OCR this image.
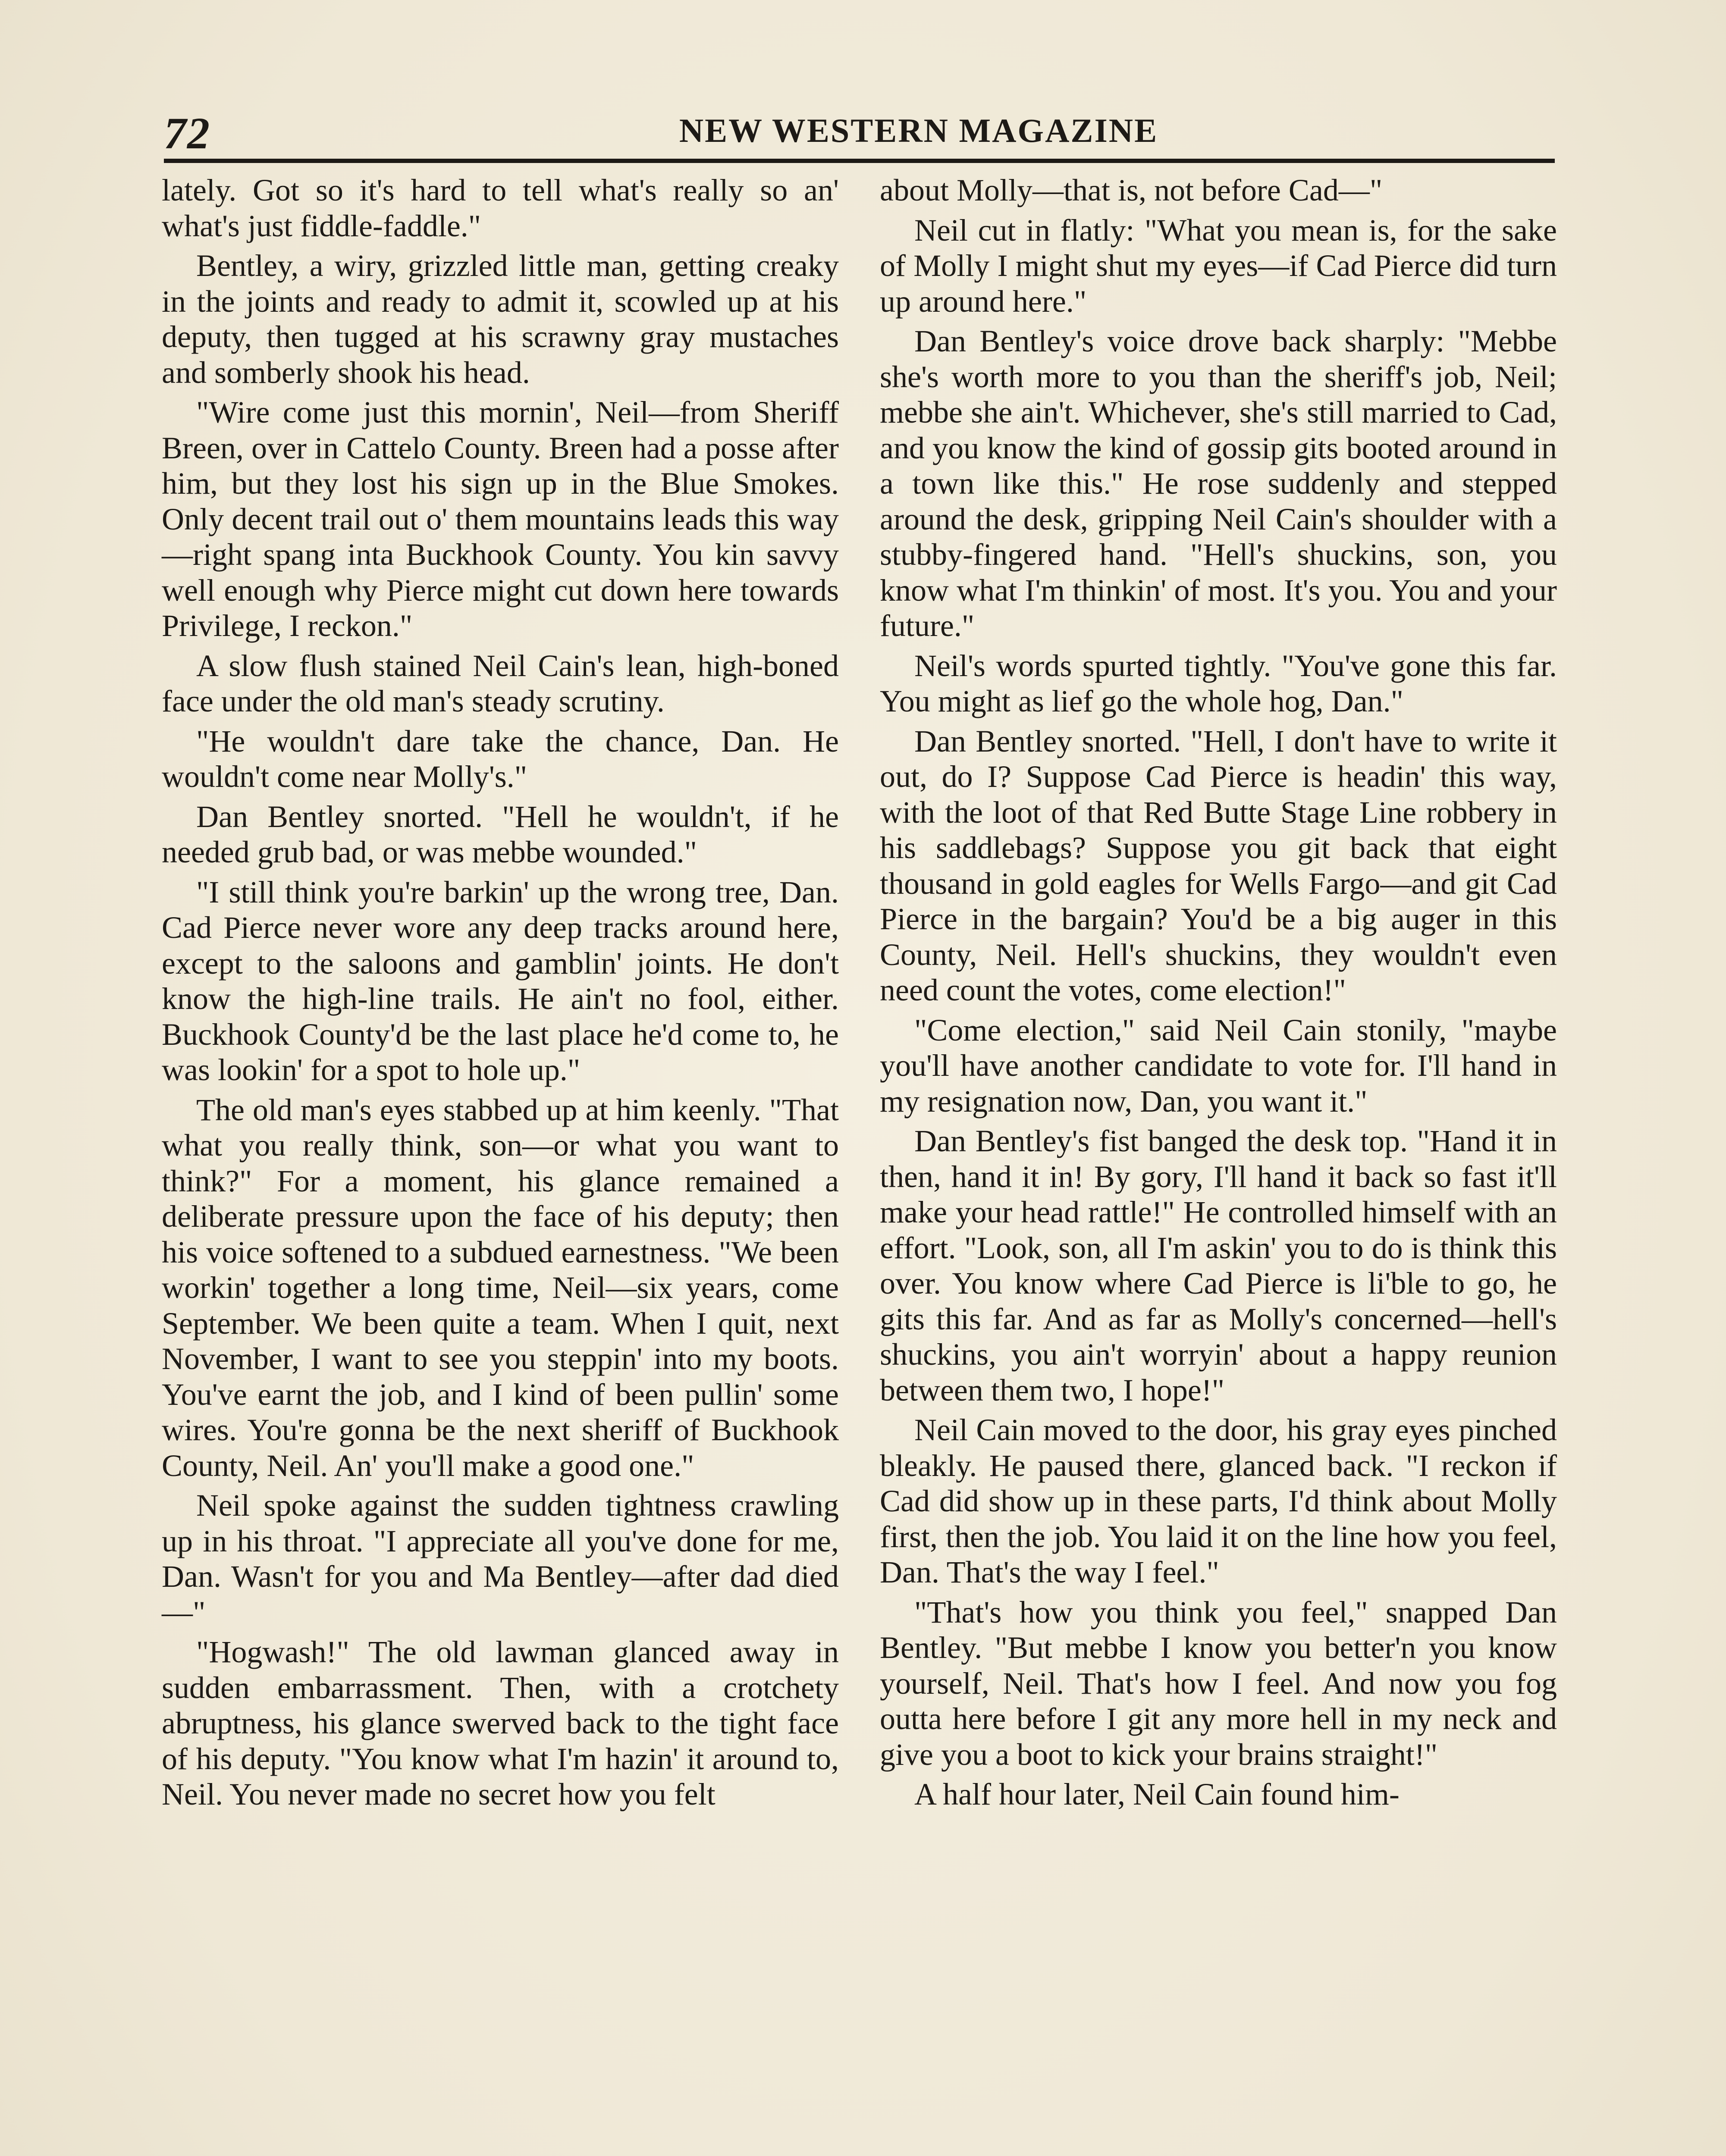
72	NEW WESTERN MAGAZINE

lately. Got so it's hard to tell what's really so an' what's just fiddle-faddle."

Bentley, a wiry, grizzled little man, getting creaky in the joints and ready to admit it, scowled up at his deputy, then tugged at his scrawny gray mustaches and somberly shook his head.

"Wire come just this mornin', Neil—from Sheriff Breen, over in Cattelo County. Breen had a posse after him, but they lost his sign up in the Blue Smokes. Only decent trail out o' them mountains leads this way—right spang inta Buckhook County. You kin savvy well enough why Pierce might cut down here towards Privilege, I reckon."

A slow flush stained Neil Cain's lean, high-boned face under the old man's steady scrutiny.

"He wouldn't dare take the chance, Dan. He wouldn't come near Molly's."

Dan Bentley snorted. "Hell he wouldn't, if he needed grub bad, or was mebbe wounded."

"I still think you're barkin' up the wrong tree, Dan. Cad Pierce never wore any deep tracks around here, except to the saloons and gamblin' joints. He don't know the high-line trails. He ain't no fool, either. Buckhook County'd be the last place he'd come to, he was lookin' for a spot to hole up."

The old man's eyes stabbed up at him keenly. "That what you really think, son—or what you want to think?" For a moment, his glance remained a deliberate pressure upon the face of his deputy; then his voice softened to a subdued earnestness. "We been workin' together a long time, Neil—six years, come September. We been quite a team. When I quit, next November, I want to see you steppin' into my boots. You've earnt the job, and I kind of been pullin' some wires. You're gonna be the next sheriff of Buckhook County, Neil. An' you'll make a good one."

Neil spoke against the sudden tightness crawling up in his throat. "I appreciate all you've done for me, Dan. Wasn't for you and Ma Bentley—after dad died—"

"Hogwash!" The old lawman glanced away in sudden embarrassment. Then, with a crotchety abruptness, his glance swerved back to the tight face of his deputy. "You know what I'm hazin' it around to, Neil. You never made no secret how you felt

about Molly—that is, not before Cad—"

Neil cut in flatly: "What you mean is, for the sake of Molly I might shut my eyes—if Cad Pierce did turn up around here."

Dan Bentley's voice drove back sharply: "Mebbe she's worth more to you than the sheriff's job, Neil; mebbe she ain't. Whichever, she's still married to Cad, and you know the kind of gossip gits booted around in a town like this." He rose suddenly and stepped around the desk, gripping Neil Cain's shoulder with a stubby-fingered hand. "Hell's shuckins, son, you know what I'm thinkin' of most. It's you. You and your future."

Neil's words spurted tightly. "You've gone this far. You might as lief go the whole hog, Dan."

Dan Bentley snorted. "Hell, I don't have to write it out, do I? Suppose Cad Pierce is headin' this way, with the loot of that Red Butte Stage Line robbery in his saddlebags? Suppose you git back that eight thousand in gold eagles for Wells Fargo—and git Cad Pierce in the bargain? You'd be a big auger in this County, Neil. Hell's shuckins, they wouldn't even need count the votes, come election!"

"Come election," said Neil Cain stonily, "maybe you'll have another candidate to vote for. I'll hand in my resignation now, Dan, you want it."

Dan Bentley's fist banged the desk top. "Hand it in then, hand it in! By gory, I'll hand it back so fast it'll make your head rattle!" He controlled himself with an effort. "Look, son, all I'm askin' you to do is think this over. You know where Cad Pierce is li'ble to go, he gits this far. And as far as Molly's concerned—hell's shuckins, you ain't worryin' about a happy reunion between them two, I hope!"

Neil Cain moved to the door, his gray eyes pinched bleakly. He paused there, glanced back. "I reckon if Cad did show up in these parts, I'd think about Molly first, then the job. You laid it on the line how you feel, Dan. That's the way I feel."

"That's how you think you feel," snapped Dan Bentley. "But mebbe I know you better'n you know yourself, Neil. That's how I feel. And now you fog outta here before I git any more hell in my neck and give you a boot to kick your brains straight!"

A half hour later, Neil Cain found him-
